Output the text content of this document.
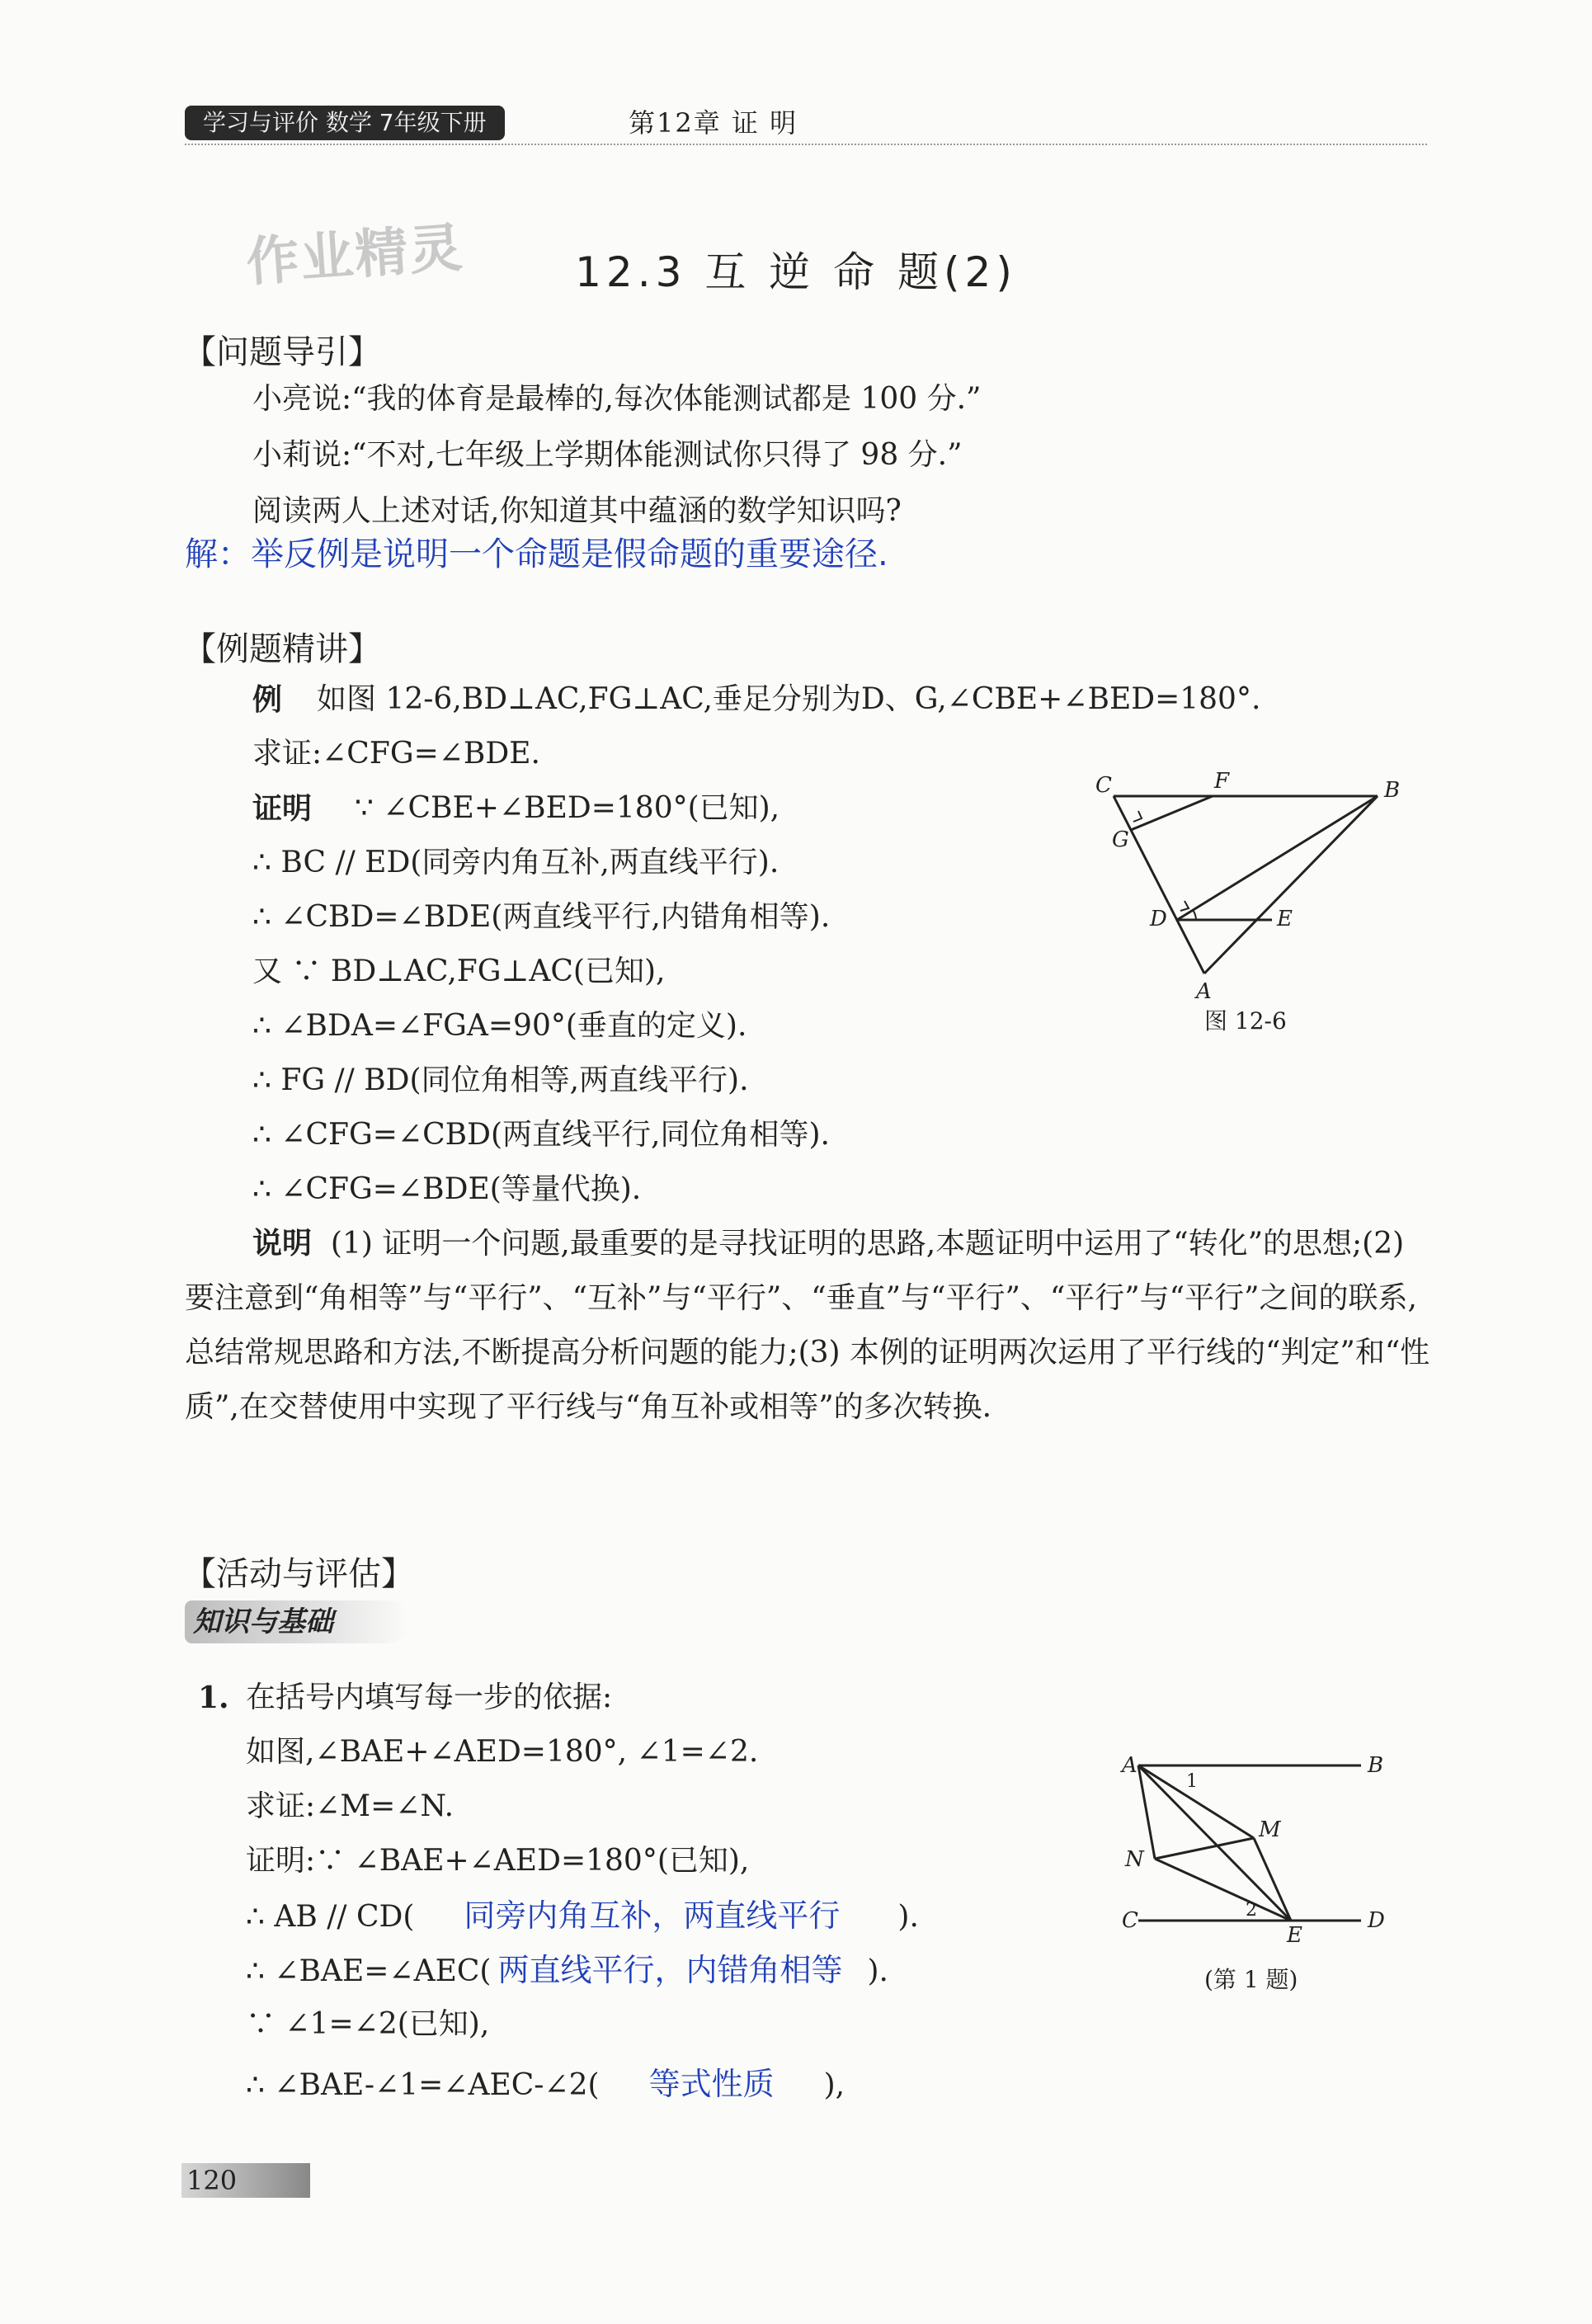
学习与评价 数学 7年级下册	第12章 证 明
作业精灵	12.3 互 逆 命 题(2)
【问题导引】
小亮说:“我的体育是最棒的,每次体能测试都是 100 分.”
小莉说:“不对,七年级上学期体能测试你只得了 98 分.”
阅读两人上述对话,你知道其中蕴涵的数学知识吗?
解：举反例是说明一个命题是假命题的重要途径.
【例题精讲】
例 如图 12-6,BD⊥AC,FG⊥AC,垂足分别为D、G,∠CBE+∠BED=180°.
求证:∠CFG=∠BDE.
证明 ∵ ∠CBE+∠BED=180°(已知),
∴ BC // ED(同旁内角互补,两直线平行).
∴ ∠CBD=∠BDE(两直线平行,内错角相等).
又 ∵ BD⊥AC,FG⊥AC(已知),
∴ ∠BDA=∠FGA=90°(垂直的定义).
∴ FG // BD(同位角相等,两直线平行).
∴ ∠CFG=∠CBD(两直线平行,同位角相等).
∴ ∠CFG=∠BDE(等量代换).
C	F	B
G
D	E
A
图 12-6
说明 (1) 证明一个问题,最重要的是寻找证明的思路,本题证明中运用了“转化”的思想;(2) 要注意到“角相等”与“平行”、“互补”与“平行”、“垂直”与“平行”、“平行”与“平行”之间的联系,总结常规思路和方法,不断提高分析问题的能力;(3) 本例的证明两次运用了平行线的“判定”和“性质”,在交替使用中实现了平行线与“角互补或相等”的多次转换.
【活动与评估】
知识与基础
1. 在括号内填写每一步的依据:
如图,∠BAE+∠AED=180°, ∠1=∠2.
求证:∠M=∠N.
证明:∵ ∠BAE+∠AED=180°(已知),
∴ AB // CD( 同旁内角互补，两直线平行 ).
∴ ∠BAE=∠AEC( 两直线平行，内错角相等 ).
∵ ∠1=∠2(已知),
∴ ∠BAE-∠1=∠AEC-∠2( 等式性质 ),
A	B
1
M
N
C	2
E
D
(第 1 题)
120
